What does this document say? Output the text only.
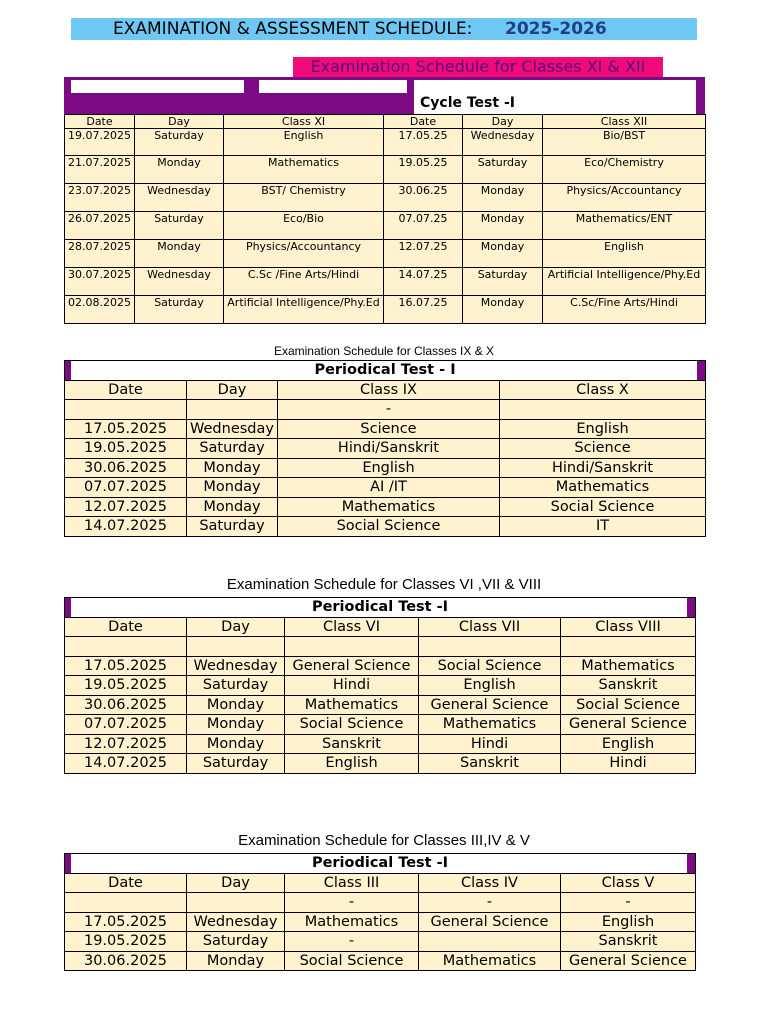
EXAMINATION & ASSESSMENT SCHEDULE: 2025-2026
Examination Schedule for Classes XI & XII
Cycle Test -I
Date	Day	Class XI	Date	Day	Class XII
19.07.2025	Saturday	English	17.05.25	Wednesday	Bio/BST
21.07.2025	Monday	Mathematics	19.05.25	Saturday	Eco/Chemistry
23.07.2025	Wednesday	BST/ Chemistry	30.06.25	Monday	Physics/Accountancy
26.07.2025	Saturday	Eco/Bio	07.07.25	Monday	Mathematics/ENT
28.07.2025	Monday	Physics/Accountancy	12.07.25	Monday	English
30.07.2025	Wednesday	C.Sc /Fine Arts/Hindi	14.07.25	Saturday	Artificial Intelligence/Phy.Ed
02.08.2025	Saturday	Artificial Intelligence/Phy.Ed	16.07.25	Monday	C.Sc/Fine Arts/Hindi
Examination Schedule for Classes IX & X
Periodical Test - I			

Date	Day	Class IX	Class X
		-	
17.05.2025	Wednesday	Science	English
19.05.2025	Saturday	Hindi/Sanskrit	Science
30.06.2025	Monday	English	Hindi/Sanskrit
07.07.2025	Monday	AI /IT	Mathematics
12.07.2025	Monday	Mathematics	Social Science
14.07.2025	Saturday	Social Science	IT
Examination Schedule for Classes VI ,VII & VIII
Periodical Test -I				

Date	Day	Class VI	Class VII	Class VIII

17.05.2025	Wednesday	General Science	Social Science	Mathematics
19.05.2025	Saturday	Hindi	English	Sanskrit
30.06.2025	Monday	Mathematics	General Science	Social Science
07.07.2025	Monday	Social Science	Mathematics	General Science
12.07.2025	Monday	Sanskrit	Hindi	English
14.07.2025	Saturday	English	Sanskrit	Hindi
Examination Schedule for Classes III,IV & V
Periodical Test -I				

Date	Day	Class III	Class IV	Class V
		-	-	-
17.05.2025	Wednesday	Mathematics	General Science	English
19.05.2025	Saturday	-		Sanskrit
30.06.2025	Monday	Social Science	Mathematics	General Science
